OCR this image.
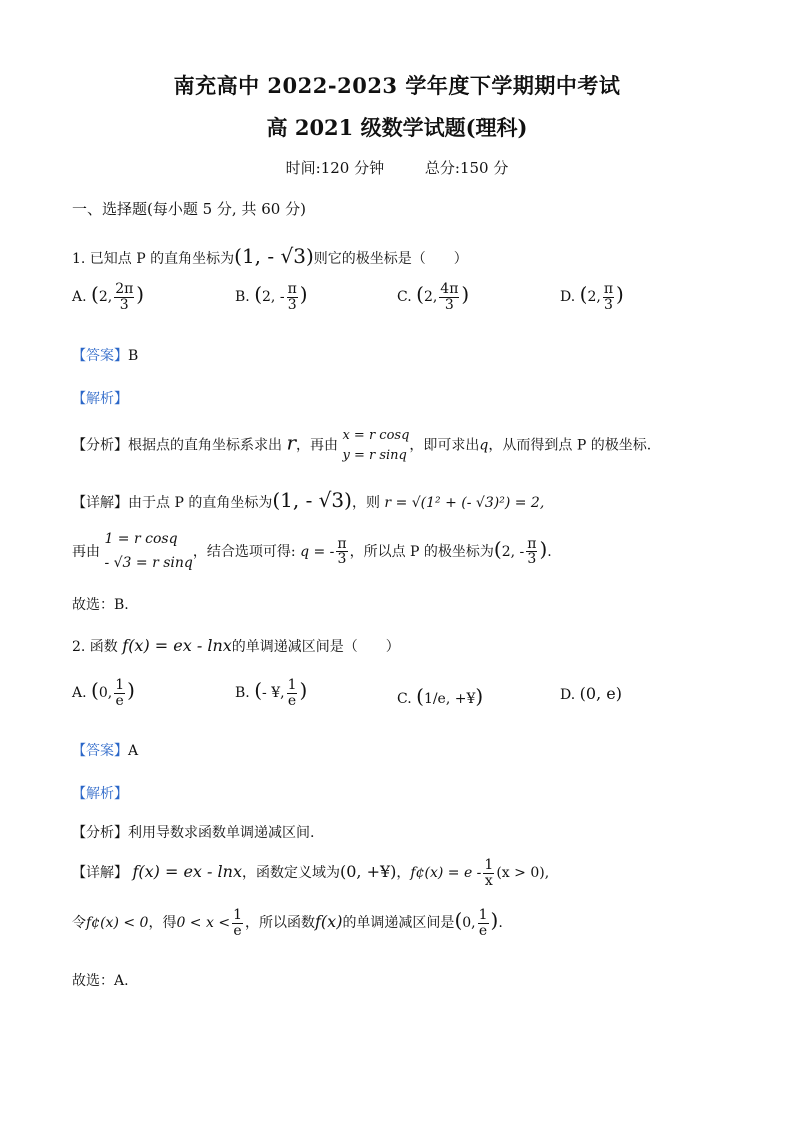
南充高中 2022-2023 学年度下学期期中考试
高 2021 级数学试题(理科)
时间:120 分钟	总分:150 分
一、选择题(每小题 5 分, 共 60 分)
1. 已知点 P 的直角坐标为(1, - √3)则它的极坐标是（　　）
A. (2, $\frac{2\pi}{3}$ )	B. (2, - $\frac{\pi}{3}$ )	C. (2, $\frac{4\pi}{3}$ )	D. (2, $\frac{\pi}{3}$ )
【答案】B
【解析】
【分析】根据点的直角坐标系求出 r，再由
x = r cosq
y = r sinq
，即可求出q，从而得到点 P 的极坐标.
【详解】由于点 P 的直角坐标为(1, - √3)，则 r = √(1² + (- √3)²) = 2,
再由
1 = r cosq
- √3 = r sinq
，结合选项可得: q = - $\frac{\pi}{3}$ ，所以点 P 的极坐标为(2, - $\frac{\pi}{3}$ ).
故选：B.
2. 函数 f(x) = ex - lnx的单调递减区间是（　　）
A. (0, $\frac{1}{e}$ )	B. (- ¥, $\frac{1}{e}$ )	C. (1/e, +¥)	D. (0, e)
【答案】A
【解析】
【分析】利用导数求函数单调递减区间.
【详解】 f(x) = ex - lnx，函数定义域为(0, +¥)，f¢(x) = $e - \frac{1}{x} (x > 0)$,
令f¢(x) < 0，得$0 < x < \frac{1}{e}$ ，所以函数f(x)的单调递减区间是(0, $\frac{1}{e}$ ).
故选：A.
